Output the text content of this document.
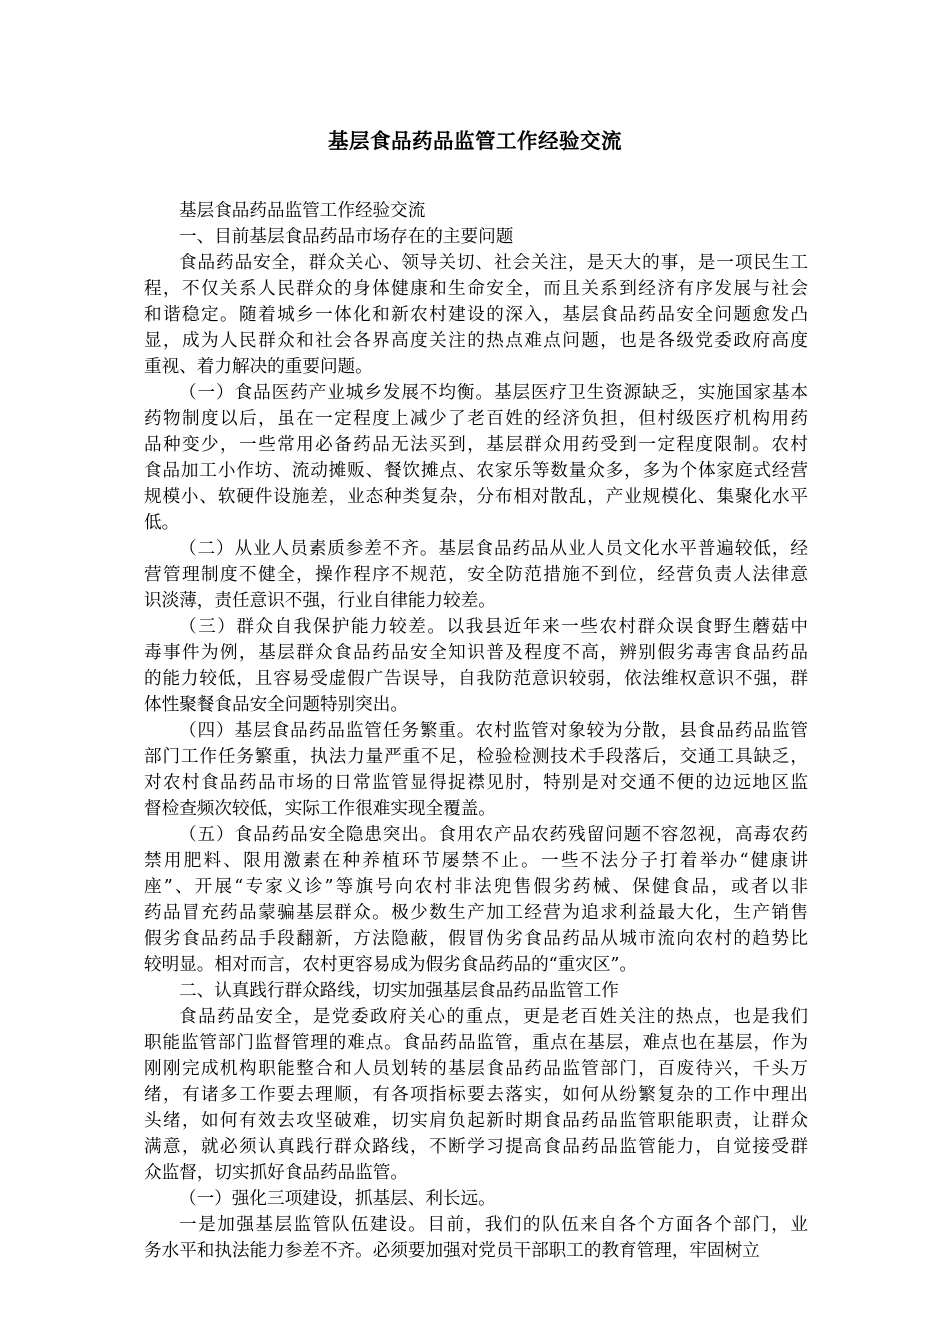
基层食品药品监管工作经验交流

基层食品药品监管工作经验交流

一、目前基层食品药品市场存在的主要问题

食品药品安全，群众关心、领导关切、社会关注，是天大的事，是一项民生工
程，不仅关系人民群众的身体健康和生命安全，而且关系到经济有序发展与社会
和谐稳定。随着城乡一体化和新农村建设的深入，基层食品药品安全问题愈发凸
显，成为人民群众和社会各界高度关注的热点难点问题，也是各级党委政府高度
重视、着力解决的重要问题。

（一）食品医药产业城乡发展不均衡。基层医疗卫生资源缺乏，实施国家基本
药物制度以后，虽在一定程度上减少了老百姓的经济负担，但村级医疗机构用药
品种变少，一些常用必备药品无法买到，基层群众用药受到一定程度限制。农村
食品加工小作坊、流动摊贩、餐饮摊点、农家乐等数量众多，多为个体家庭式经营
规模小、软硬件设施差，业态种类复杂，分布相对散乱，产业规模化、集聚化水平
低。

（二）从业人员素质参差不齐。基层食品药品从业人员文化水平普遍较低，经
营管理制度不健全，操作程序不规范，安全防范措施不到位，经营负责人法律意
识淡薄，责任意识不强，行业自律能力较差。

（三）群众自我保护能力较差。以我县近年来一些农村群众误食野生蘑菇中
毒事件为例，基层群众食品药品安全知识普及程度不高，辨别假劣毒害食品药品
的能力较低，且容易受虚假广告误导，自我防范意识较弱，依法维权意识不强，群
体性聚餐食品安全问题特别突出。

（四）基层食品药品监管任务繁重。农村监管对象较为分散，县食品药品监管
部门工作任务繁重，执法力量严重不足，检验检测技术手段落后，交通工具缺乏，
对农村食品药品市场的日常监管显得捉襟见肘，特别是对交通不便的边远地区监
督检查频次较低，实际工作很难实现全覆盖。

（五）食品药品安全隐患突出。食用农产品农药残留问题不容忽视，高毒农药
禁用肥料、限用激素在种养植环节屡禁不止。一些不法分子打着举办“健康讲
座”、开展“专家义诊”等旗号向农村非法兜售假劣药械、保健食品，或者以非
药品冒充药品蒙骗基层群众。极少数生产加工经营为追求利益最大化，生产销售
假劣食品药品手段翻新，方法隐蔽，假冒伪劣食品药品从城市流向农村的趋势比
较明显。相对而言，农村更容易成为假劣食品药品的“重灾区”。

二、认真践行群众路线，切实加强基层食品药品监管工作

食品药品安全，是党委政府关心的重点，更是老百姓关注的热点，也是我们
职能监管部门监督管理的难点。食品药品监管，重点在基层，难点也在基层，作为
刚刚完成机构职能整合和人员划转的基层食品药品监管部门，百废待兴，千头万
绪，有诸多工作要去理顺，有各项指标要去落实，如何从纷繁复杂的工作中理出
头绪，如何有效去攻坚破难，切实肩负起新时期食品药品监管职能职责，让群众
满意，就必须认真践行群众路线，不断学习提高食品药品监管能力，自觉接受群
众监督，切实抓好食品药品监管。

（一）强化三项建设，抓基层、利长远。

一是加强基层监管队伍建设。目前，我们的队伍来自各个方面各个部门，业
务水平和执法能力参差不齐。必须要加强对党员干部职工的教育管理，牢固树立
